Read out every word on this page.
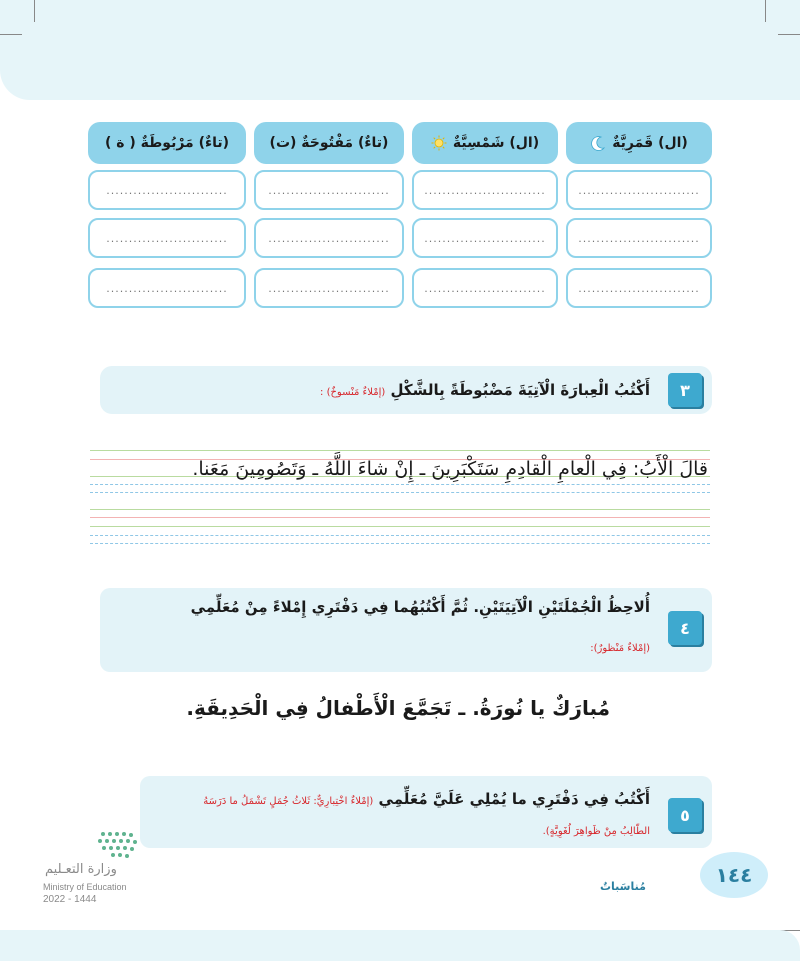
(ال) قَمَرِيَّةٌ
(ال) شَمْسِيَّةٌ
(تاءٌ) مَفْتُوحَةٌ (ت)
(تاءٌ) مَرْبُوطَةٌ ( ة )
...........................
...........................
...........................
...........................
...........................
...........................
...........................
...........................
...........................
...........................
...........................
...........................
٣
أَكْتُبُ الْعِبارَةَ الْآتِيَةَ مَضْبُوطَةً بِالشَّكْلِ (إمْلاءٌ مَنْسوخٌ) :
قالَ الْأَبُ: فِي الْعامِ الْقادِمِ سَتَكْبَرِينَ ـ إِنْ شاءَ اللَّهُ ـ وَتَصُومِينَ مَعَنا.
٤
أُلاحِظُ الْجُمْلَتَيْنِ الْآتِيَتَيْنِ. ثُمَّ أَكْتُبُهُما فِي دَفْتَرِي إِمْلاءً مِنْ مُعَلِّمِي
(إمْلاءٌ مَنْظورٌ):
مُبارَكٌ يا نُورَةُ. ـ تَجَمَّعَ الْأَطْفالُ فِي الْحَدِيقَةِ.
٥
أَكْتُبُ فِي دَفْتَرِي ما يُمْلِي عَلَيَّ مُعَلِّمِي (إمْلاءٌ اخْتِبارِيٌّ: ثَلاثُ جُمَلٍ تَشْمَلُ ما دَرَسَهُ
الطّالِبُ مِنْ ظَواهِرَ لُغَوِيَّةٍ).
وزارة التعـليم
Ministry of Education
2022 - 1444
مُناسَباتٌ	١٤٤
